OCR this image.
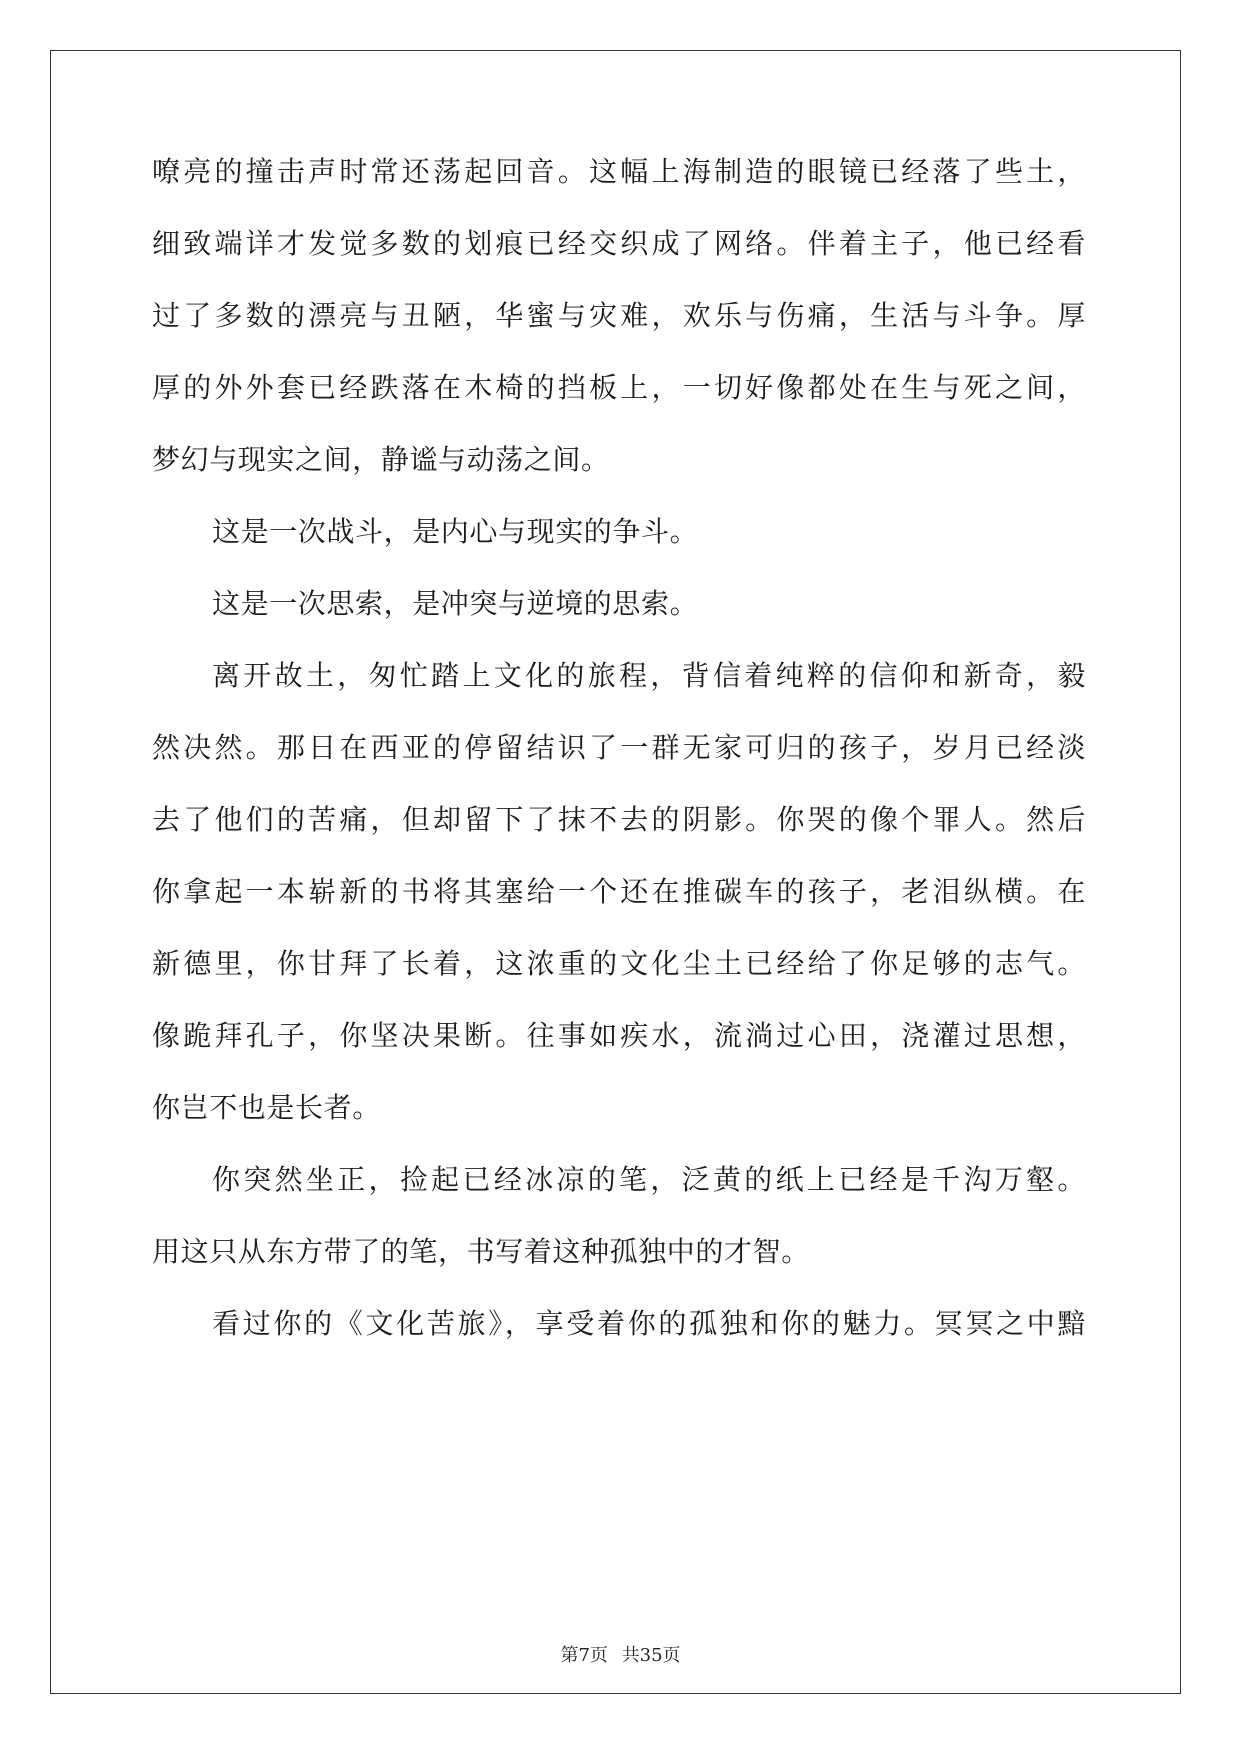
嘹亮的撞击声时常还荡起回音。这幅上海制造的眼镜已经落了些土，
细致端详才发觉多数的划痕已经交织成了网络。伴着主子，他已经看
过了多数的漂亮与丑陋，华蜜与灾难，欢乐与伤痛，生活与斗争。厚
厚的外外套已经跌落在木椅的挡板上，一切好像都处在生与死之间，
梦幻与现实之间，静谧与动荡之间。
这是一次战斗，是内心与现实的争斗。
这是一次思索，是冲突与逆境的思索。
离开故土，匆忙踏上文化的旅程，背信着纯粹的信仰和新奇，毅
然决然。那日在西亚的停留结识了一群无家可归的孩子，岁月已经淡
去了他们的苦痛，但却留下了抹不去的阴影。你哭的像个罪人。然后
你拿起一本崭新的书将其塞给一个还在推碳车的孩子，老泪纵横。在
新德里，你甘拜了长着，这浓重的文化尘土已经给了你足够的志气。
像跪拜孔子，你坚决果断。往事如疾水，流淌过心田，浇灌过思想，
你岂不也是长者。
你突然坐正，捡起已经冰凉的笔，泛黄的纸上已经是千沟万壑。
用这只从东方带了的笔，书写着这种孤独中的才智。
看过你的《文化苦旅》，享受着你的孤独和你的魅力。冥冥之中黯
第7页 共35页
